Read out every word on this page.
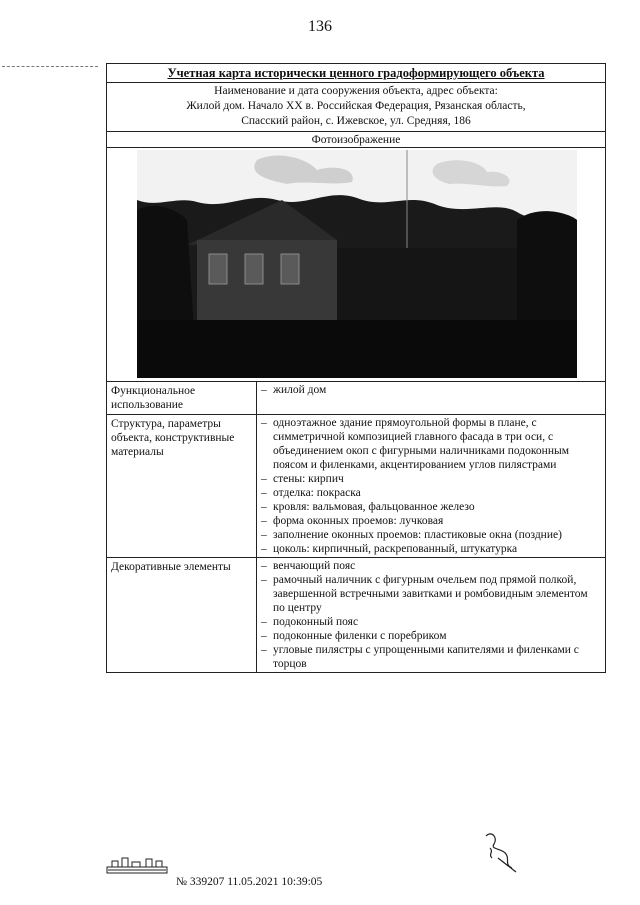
136
Учетная карта исторически ценного градоформирующего объекта
Наименование и дата сооружения объекта, адрес объекта:
Жилой дом. Начало XX в. Российская Федерация, Рязанская область,
Спасский район, с. Ижевское, ул. Средняя, 186
Фотоизображение
Функциональное использование
– жилой дом
Структура, параметры объекта, конструктивные материалы
– одноэтажное здание прямоугольной формы в плане, с симметричной композицией главного фасада в три оси, с объединением окоп с фигурными наличниками подоконным поясом и филенками, акцентированием углов пилястрами
– стены: кирпич
– отделка: покраска
– кровля: вальмовая, фальцованное железо
– форма оконных проемов: лучковая
– заполнение оконных проемов: пластиковые окна (поздние)
– цоколь: кирпичный, раскрепованный, штукатурка
Декоративные элементы	– венчающий пояс
– рамочный наличник с фигурным очельем под прямой полкой, завершенной встречными завитками и ромбовидным элементом по центру
– подоконный пояс
– подоконные филенки с поребриком
– угловые пилястры с упрощенными капителями и филенками с торцов
№ 339207 11.05.2021 10:39:05
